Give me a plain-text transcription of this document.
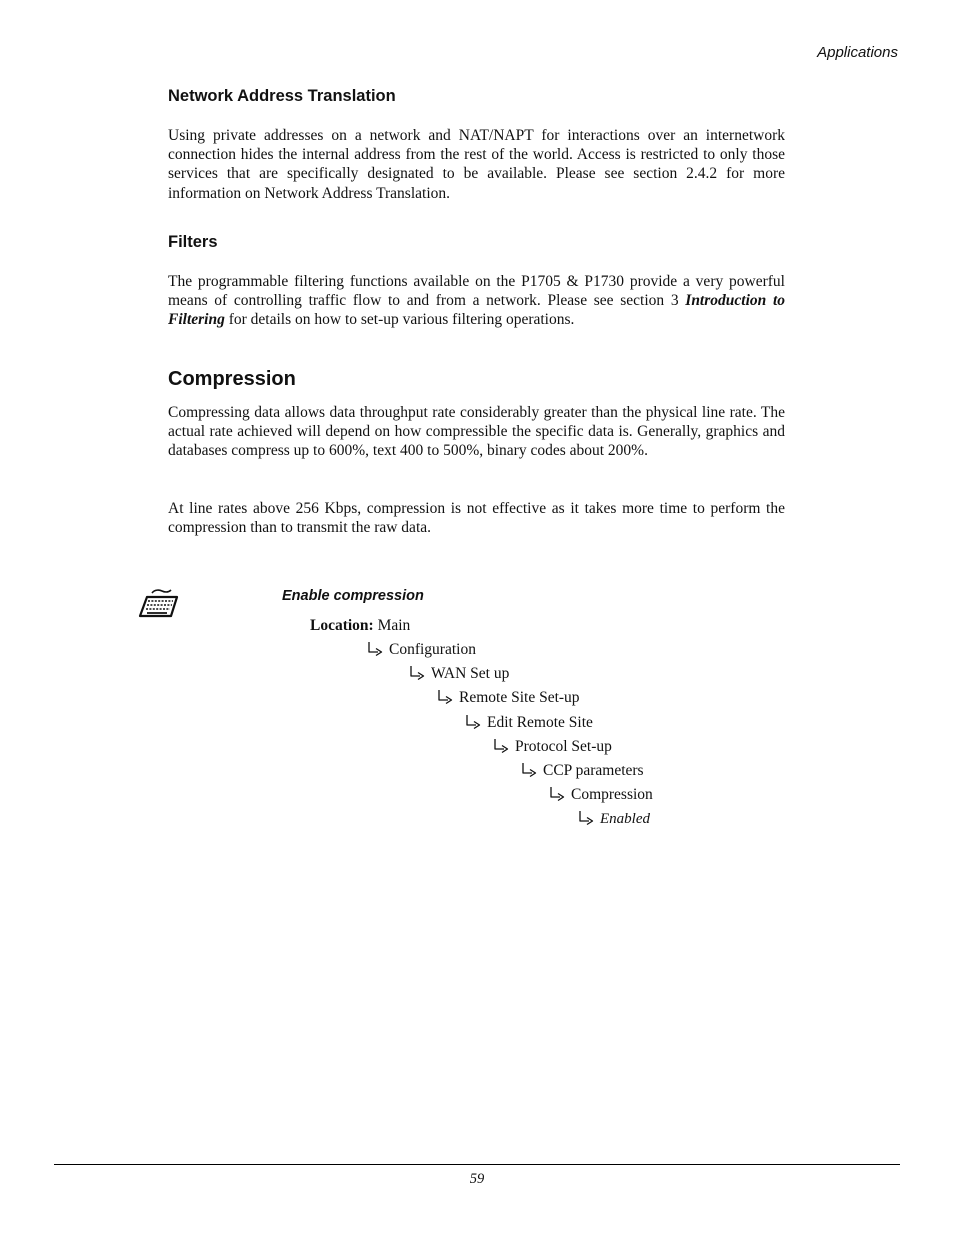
Applications
Network Address Translation

Using private addresses on a network and NAT/NAPT for interactions over an internetwork connection hides the internal address from the rest of the world. Access is restricted to only those services that are specifically designated to be available. Please see section 2.4.2 for more information on Network Address Translation.

Filters

The programmable filtering functions available on the P1705 & P1730 provide a very powerful means of controlling traffic flow to and from a network. Please see section 3 Introduction to Filtering for details on how to set-up various filtering operations.

Compression

Compressing data allows data throughput rate considerably greater than the physical line rate. The actual rate achieved will depend on how compressible the specific data is. Generally, graphics and databases compress up to 600%, text 400 to 500%, binary codes about 200%.

At line rates above 256 Kbps, compression is not effective as it takes more time to perform the compression than to transmit the raw data.

Enable compression
Location: Main
Configuration
WAN Set up
Remote Site Set-up
Edit Remote Site
Protocol Set-up
CCP parameters
Compression
Enabled
59
